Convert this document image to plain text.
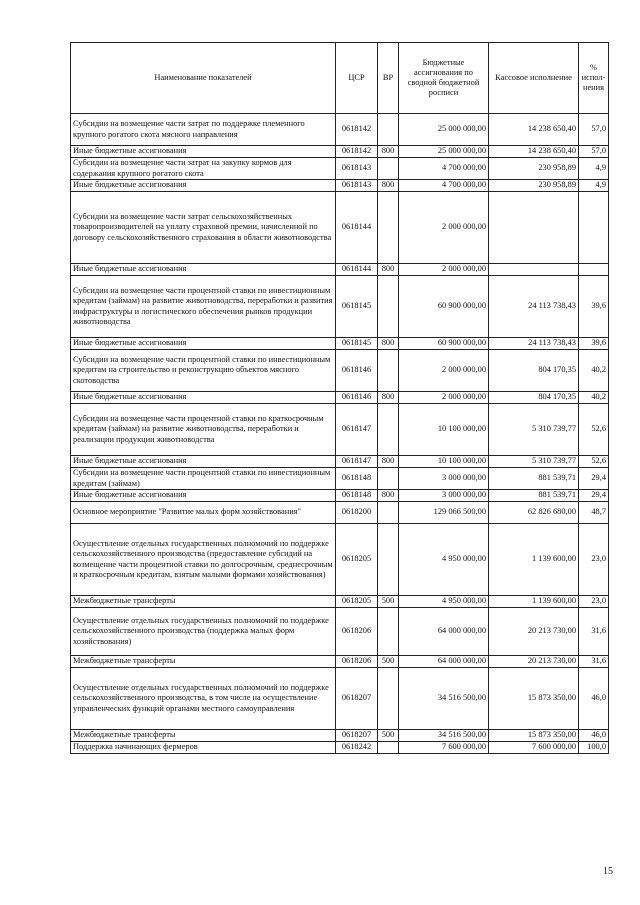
Наименование показателей	ЦСР	ВР	Бюджетные ассигнования по сводной бюджетной росписи	Кассовое исполнение	% испол-нения
Субсидии на возмещение части затрат по поддержке племенного крупного рогатого скота мясного направления	0618142		25 000 000,00	14 238 650,40	57,0
Иные бюджетные ассигнования	0618142	800	25 000 000,00	14 238 650,40	57,0
Субсидии на возмещение части затрат на закупку кормов для содержания крупного рогатого скота	0618143		4 700 000,00	230 958,89	4,9
Иные бюджетные ассигнования	0618143	800	4 700 000,00	230 958,89	4,9
Субсидии на возмещение части затрат сельскохозяйственных товаропроизводителей на уплату страховой премии, начисленной по договору сельскохозяйственного страхования в области животноводства	0618144		2 000 000,00		
Иные бюджетные ассигнования	0618144	800	2 000 000,00		
Субсидии на возмещение части процентной ставки по инвестиционным кредитам (займам) на развитие животноводства, переработки и развития инфраструктуры и логистического обеспечения рынков продукции животноводства	0618145		60 900 000,00	24 113 738,43	39,6
Иные бюджетные ассигнования	0618145	800	60 900 000,00	24 113 738,43	39,6
Субсидии на возмещение части процентной ставки по инвестиционным кредитам на строительство и реконструкцию объектов мясного скотоводства	0618146		2 000 000,00	804 170,35	40,2
Иные бюджетные ассигнования	0618146	800	2 000 000,00	804 170,35	40,2
Субсидии на возмещение части процентной ставки по краткосрочным кредитам (займам) на развитие животноводства, переработки и реализации продукции животноводства	0618147		10 100 000,00	5 310 739,77	52,6
Иные бюджетные ассигнования	0618147	800	10 100 000,00	5 310 739,77	52,6
Субсидии на возмещение части процентной ставки по инвестиционным кредитам (займам)	0618148		3 000 000,00	881 539,71	29,4
Иные бюджетные ассигнования	0618148	800	3 000 000,00	881 539,71	29,4
Основное мероприятие "Развитие малых форм хозяйствования"	0618200		129 066 500,00	62 826 680,00	48,7
Осуществление отдельных государственных полномочий по поддержке сельскохозяйственного производства (предоставление субсидий на возмещение части процентной ставки по долгосрочным, среднесрочным и краткосрочным кредитам, взятым малыми формами хозяйствования)	0618205		4 950 000,00	1 139 600,00	23,0
Межбюджетные трансферты	0618205	500	4 950 000,00	1 139 600,00	23,0
Осуществление отдельных государственных полномочий по поддержке сельскохозяйственного производства (поддержка малых форм хозяйствования)	0618206		64 000 000,00	20 213 730,00	31,6
Межбюджетные трансферты	0618206	500	64 000 000,00	20 213 730,00	31,6
Осуществление отдельных государственных полномочий по поддержке сельскохозяйственного производства, в том числе на осуществление управленческих функций органами местного самоуправления	0618207		34 516 500,00	15 873 350,00	46,0
Межбюджетные трансферты	0618207	500	34 516 500,00	15 873 350,00	46,0
Поддержка начинающих фермеров	0618242		7 600 000,00	7 600 000,00	100,0
15
